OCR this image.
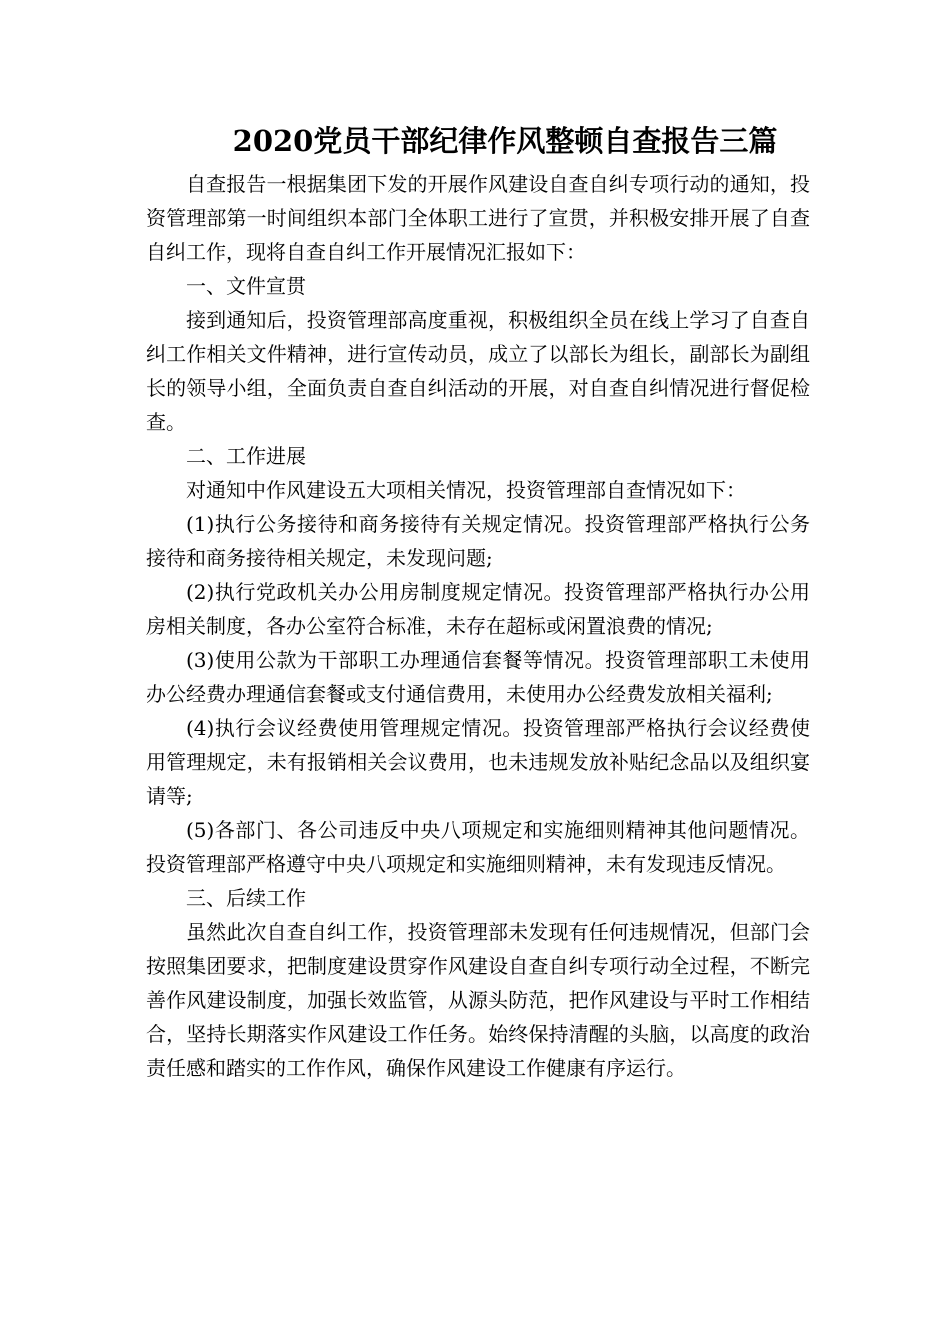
2020党员干部纪律作风整顿自查报告三篇

自查报告一根据集团下发的开展作风建设自查自纠专项行动的通知，投资管理部第一时间组织本部门全体职工进行了宣贯，并积极安排开展了自查自纠工作，现将自查自纠工作开展情况汇报如下：

一、文件宣贯

接到通知后，投资管理部高度重视，积极组织全员在线上学习了自查自纠工作相关文件精神，进行宣传动员，成立了以部长为组长，副部长为副组长的领导小组，全面负责自查自纠活动的开展，对自查自纠情况进行督促检查。

二、工作进展

对通知中作风建设五大项相关情况，投资管理部自查情况如下：

(1)执行公务接待和商务接待有关规定情况。投资管理部严格执行公务接待和商务接待相关规定，未发现问题;

(2)执行党政机关办公用房制度规定情况。投资管理部严格执行办公用房相关制度，各办公室符合标准，未存在超标或闲置浪费的情况;

(3)使用公款为干部职工办理通信套餐等情况。投资管理部职工未使用办公经费办理通信套餐或支付通信费用，未使用办公经费发放相关福利;

(4)执行会议经费使用管理规定情况。投资管理部严格执行会议经费使用管理规定，未有报销相关会议费用，也未违规发放补贴纪念品以及组织宴请等;

(5)各部门、各公司违反中央八项规定和实施细则精神其他问题情况。投资管理部严格遵守中央八项规定和实施细则精神，未有发现违反情况。

三、后续工作

虽然此次自查自纠工作，投资管理部未发现有任何违规情况，但部门会按照集团要求，把制度建设贯穿作风建设自查自纠专项行动全过程，不断完善作风建设制度，加强长效监管，从源头防范，把作风建设与平时工作相结合，坚持长期落实作风建设工作任务。始终保持清醒的头脑，以高度的政治责任感和踏实的工作作风，确保作风建设工作健康有序运行。
